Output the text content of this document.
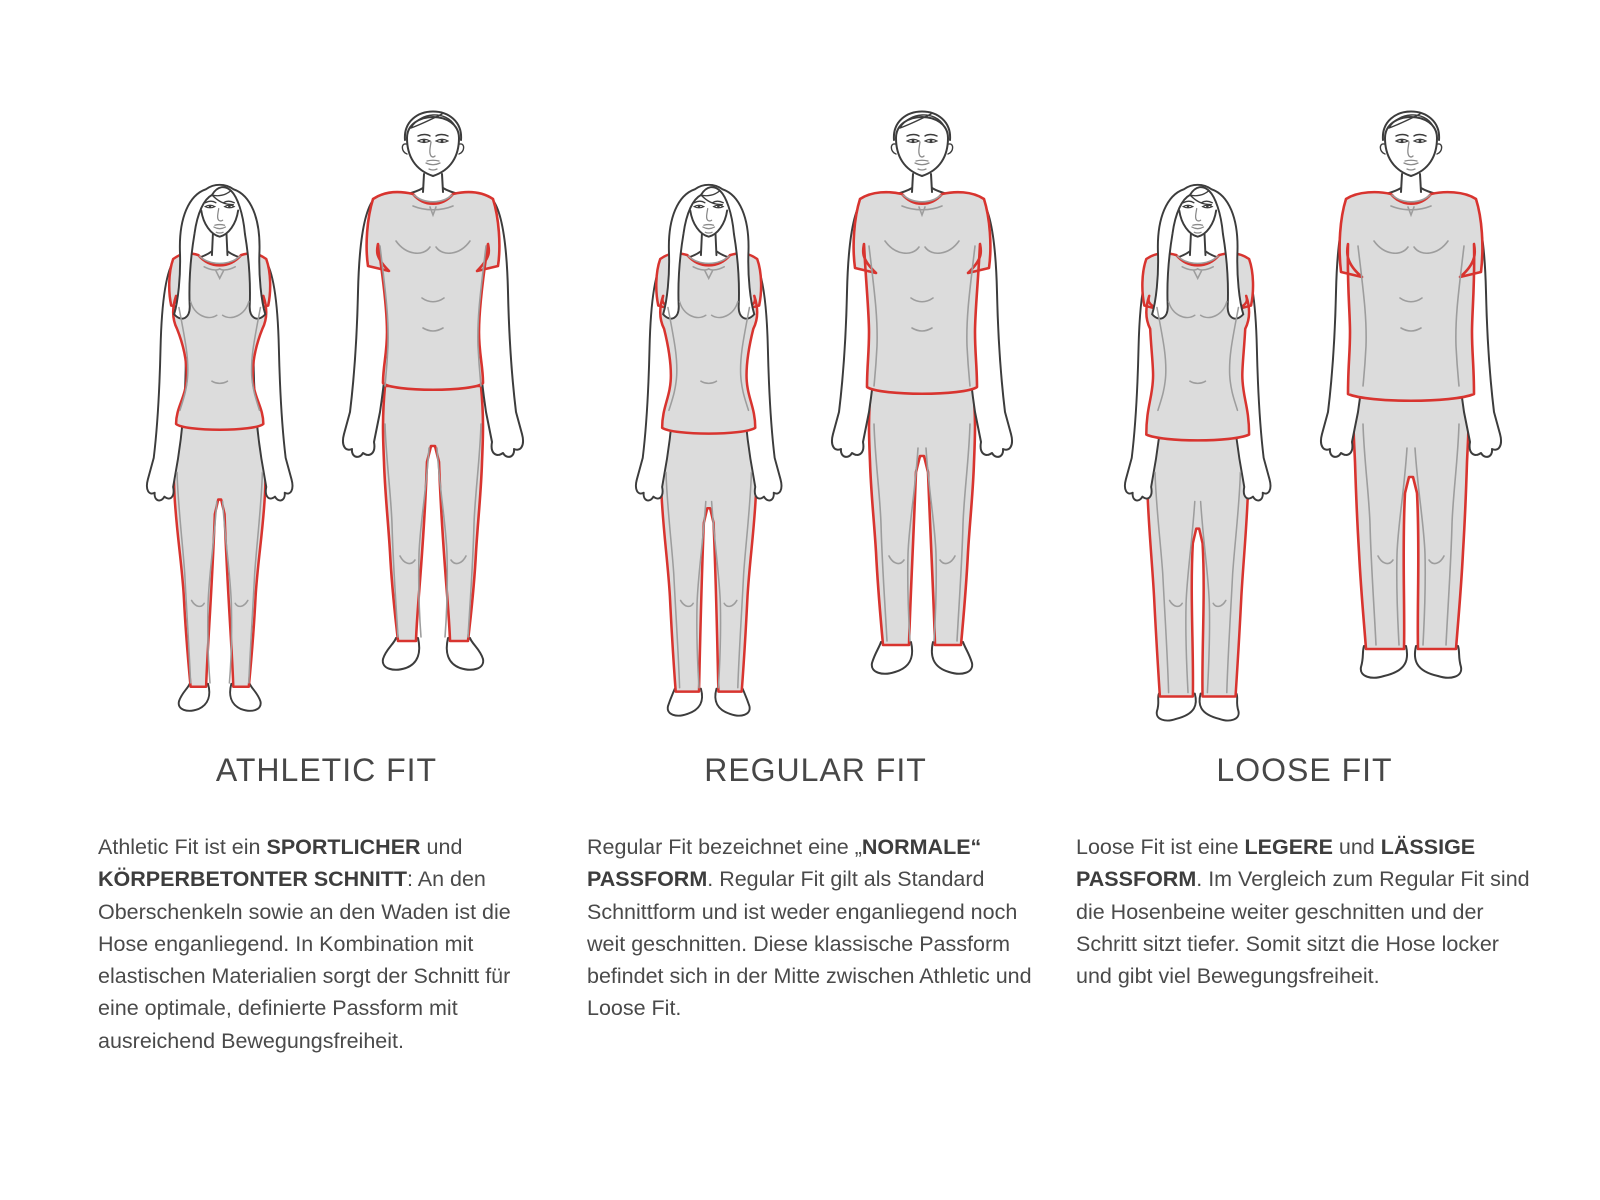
ATHLETIC FIT

Athletic Fit ist ein SPORTLICHER und KÖRPERBETONTER SCHNITT: An den Oberschenkeln sowie an den Waden ist die Hose enganliegend. In Kombination mit elastischen Materialien sorgt der Schnitt für eine optimale, definierte Passform mit ausreichend Bewegungsfreiheit.

REGULAR FIT

Regular Fit bezeichnet eine „NORMALE“ PASSFORM. Regular Fit gilt als Standard Schnittform und ist weder enganliegend noch weit geschnitten. Diese klassische Passform befindet sich in der Mitte zwischen Athletic und Loose Fit.

LOOSE FIT

Loose Fit ist eine LEGERE und LÄSSIGE PASSFORM. Im Vergleich zum Regular Fit sind die Hosenbeine weiter geschnitten und der Schritt sitzt tiefer. Somit sitzt die Hose locker und gibt viel Bewegungsfreiheit.
